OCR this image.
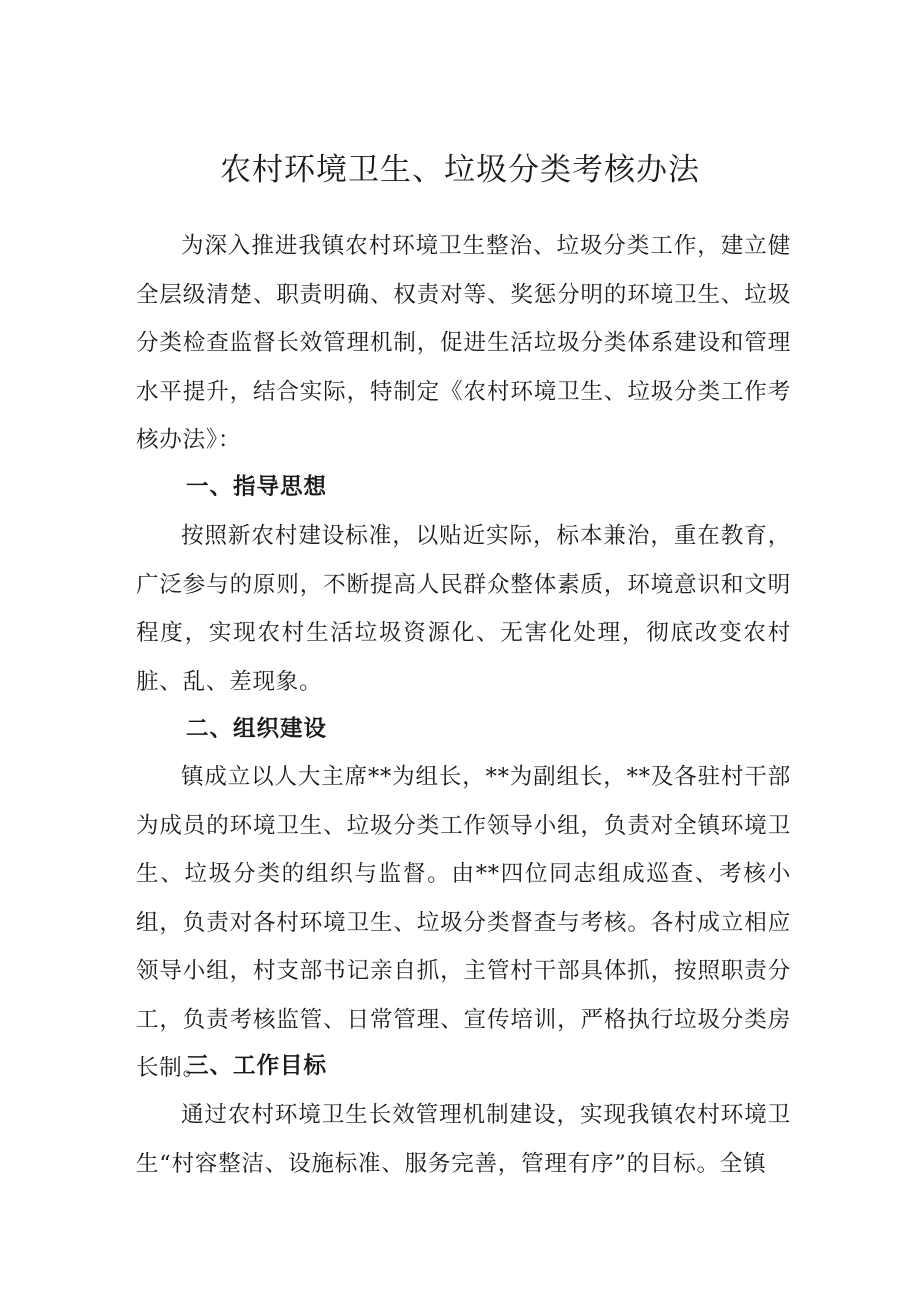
农村环境卫生、垃圾分类考核办法

为深入推进我镇农村环境卫生整治、垃圾分类工作，建立健全层级清楚、职责明确、权责对等、奖惩分明的环境卫生、垃圾分类检查监督长效管理机制，促进生活垃圾分类体系建设和管理水平提升，结合实际，特制定《农村环境卫生、垃圾分类工作考核办法》：

一、指导思想

按照新农村建设标准，以贴近实际，标本兼治，重在教育，广泛参与的原则，不断提高人民群众整体素质，环境意识和文明程度，实现农村生活垃圾资源化、无害化处理，彻底改变农村脏、乱、差现象。

二、组织建设

镇成立以人大主席**为组长，**为副组长，**及各驻村干部为成员的环境卫生、垃圾分类工作领导小组，负责对全镇环境卫生、垃圾分类的组织与监督。由**四位同志组成巡查、考核小组，负责对各村环境卫生、垃圾分类督查与考核。各村成立相应领导小组，村支部书记亲自抓，主管村干部具体抓，按照职责分工，负责考核监管、日常管理、宣传培训，严格执行垃圾分类房长制。

三、工作目标

通过农村环境卫生长效管理机制建设，实现我镇农村环境卫生“村容整洁、设施标准、服务完善，管理有序”的目标。全镇
